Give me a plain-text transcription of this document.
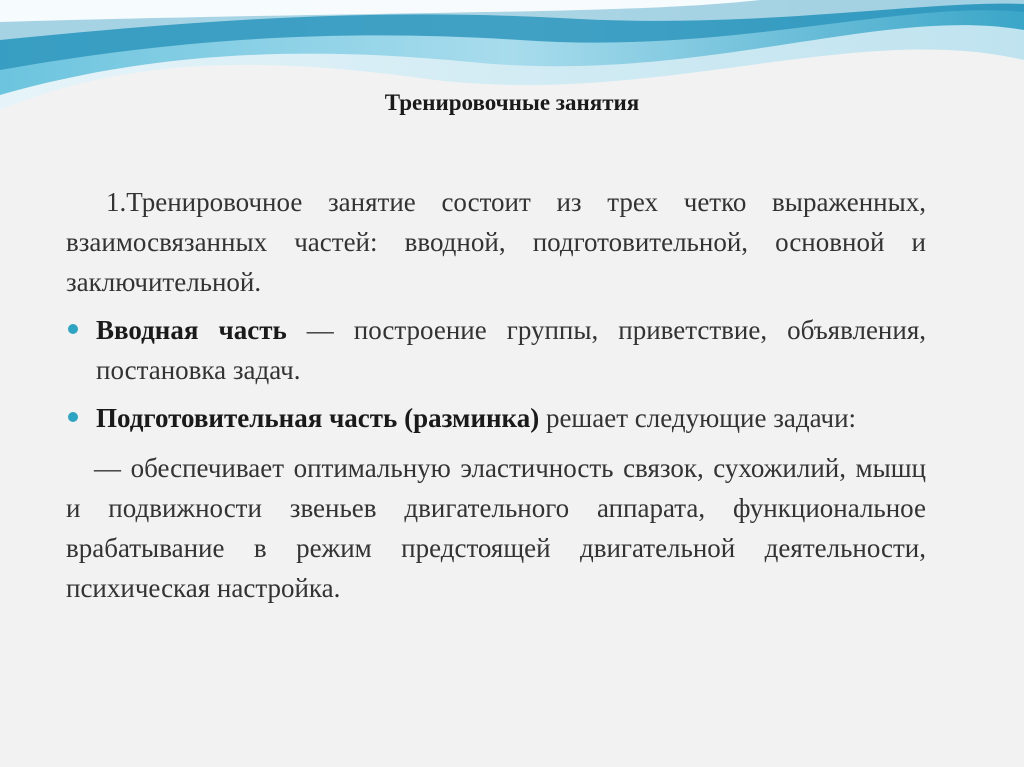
Тренировочные занятия

1.Тренировочное занятие состоит из трех четко выраженных, взаимосвязанных частей: вводной, подготовительной, основной и заключительной.

Вводная часть — построение группы, приветствие, объявления, постановка задач.
Подготовительная часть (разминка) решает следующие задачи:

— обеспечивает оптимальную эластичность связок, сухожилий, мышц и подвижности звеньев двигательного аппарата, функциональное врабатывание в режим предстоящей двигательной деятельности, психическая настройка.
